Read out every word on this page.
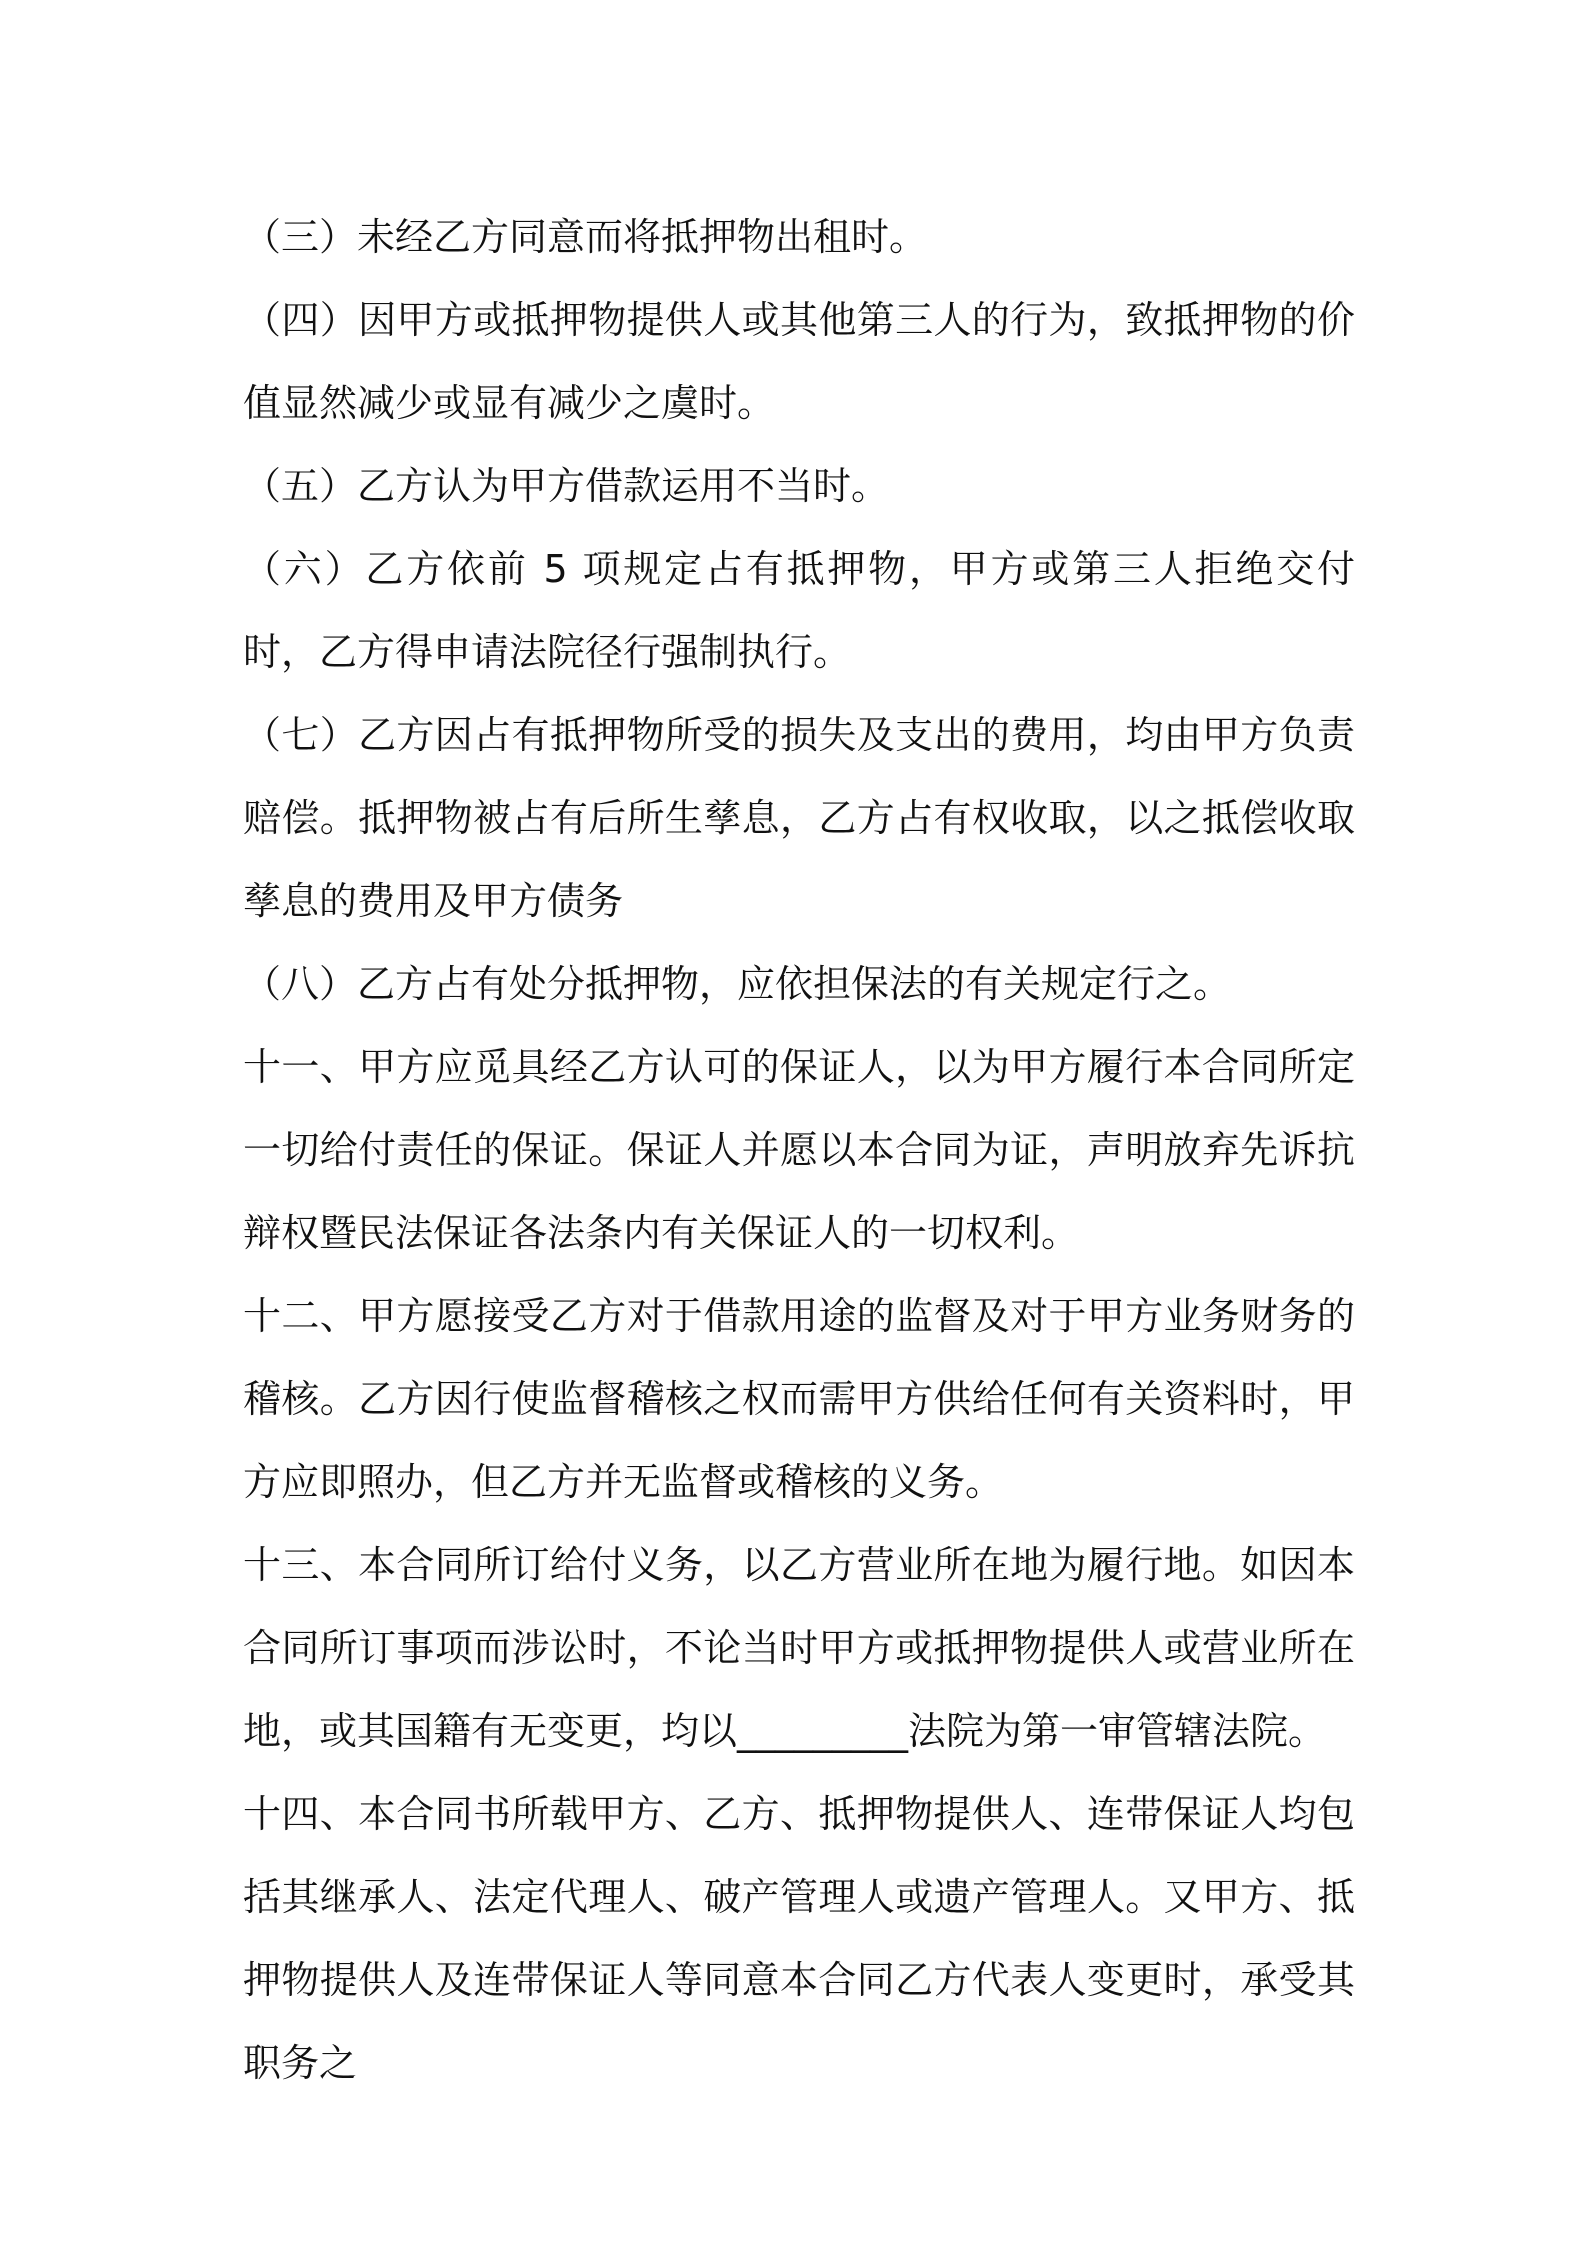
（三）未经乙方同意而将抵押物出租时。

（四）因甲方或抵押物提供人或其他第三人的行为，致抵押物的价值显然减少或显有减少之虞时。

（五）乙方认为甲方借款运用不当时。

（六）乙方依前 5 项规定占有抵押物，甲方或第三人拒绝交付时，乙方得申请法院径行强制执行。

（七）乙方因占有抵押物所受的损失及支出的费用，均由甲方负责赔偿。抵押物被占有后所生孳息，乙方占有权收取，以之抵偿收取孳息的费用及甲方债务

（八）乙方占有处分抵押物，应依担保法的有关规定行之。

十一、甲方应觅具经乙方认可的保证人，以为甲方履行本合同所定一切给付责任的保证。保证人并愿以本合同为证，声明放弃先诉抗辩权暨民法保证各法条内有关保证人的一切权利。

十二、甲方愿接受乙方对于借款用途的监督及对于甲方业务财务的稽核。乙方因行使监督稽核之权而需甲方供给任何有关资料时，甲方应即照办，但乙方并无监督或稽核的义务。

十三、本合同所订给付义务，以乙方营业所在地为履行地。如因本合同所订事项而涉讼时，不论当时甲方或抵押物提供人或营业所在地，或其国籍有无变更，均以_________法院为第一审管辖法院。

十四、本合同书所载甲方、乙方、抵押物提供人、连带保证人均包括其继承人、法定代理人、破产管理人或遗产管理人。又甲方、抵押物提供人及连带保证人等同意本合同乙方代表人变更时，承受其职务之
